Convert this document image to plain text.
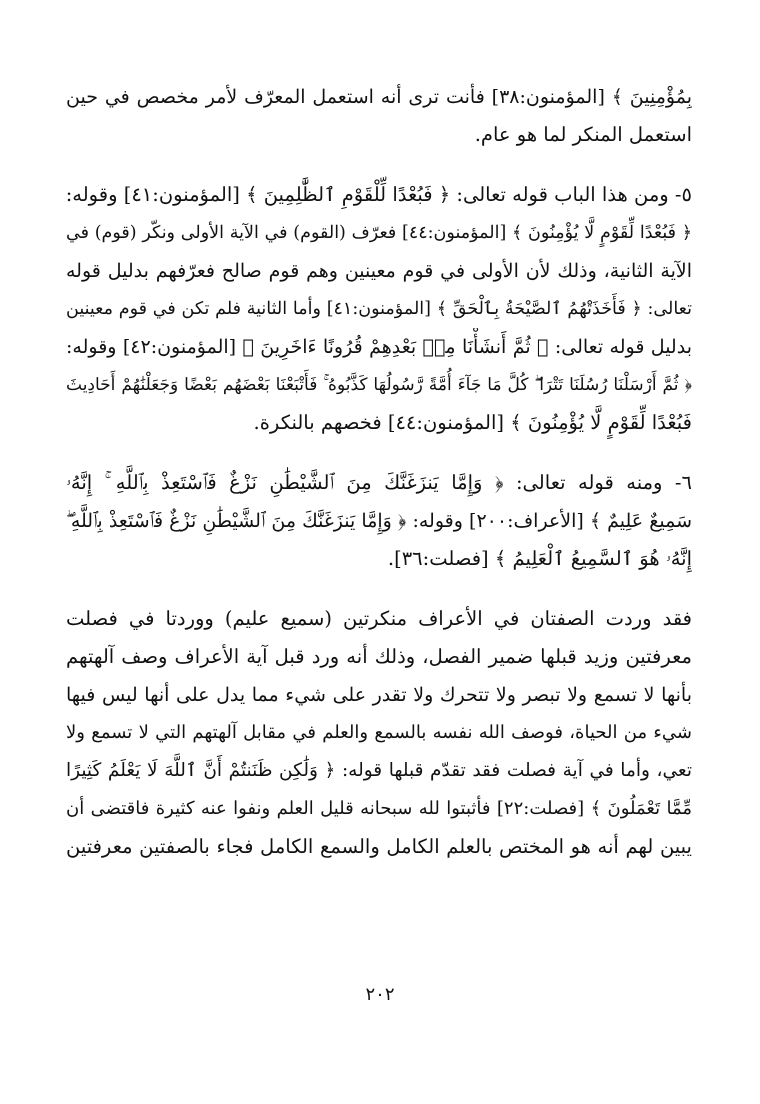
بِمُؤْمِنِينَ ﴾ [المؤمنون:٣٨] فأنت ترى أنه استعمل المعرّف لأمر مخصص في حين
استعمل المنكر لما هو عام.
٥- ومن هذا الباب قوله تعالى: ﴿ فَبُعْدًا لِّلْقَوْمِ ٱلظَّٰلِمِينَ ﴾ [المؤمنون:٤١] وقوله:
﴿ فَبُعْدًا لِّقَوْمٍ لَّا يُؤْمِنُونَ ﴾ [المؤمنون:٤٤] فعرّف (القوم) في الآية الأولى ونكّر (قوم) في
الآية الثانية، وذلك لأن الأولى في قوم معينين وهم قوم صالح فعرّفهم بدليل قوله
تعالى: ﴿ فَأَخَذَتْهُمُ ٱلصَّيْحَةُ بِٱلْحَقِّ ﴾ [المؤمنون:٤١] وأما الثانية فلم تكن في قوم معينين
بدليل قوله تعالى: ﴿ ثُمَّ أَنشَأْنَا مِنۢ بَعْدِهِمْ قُرُونًا ءَاخَرِينَ ﴾ [المؤمنون:٤٢] وقوله:
﴿ ثُمَّ أَرْسَلْنَا رُسُلَنَا تَتْرَا ۖ كُلَّ مَا جَآءَ أُمَّةً رَّسُولُهَا كَذَّبُوهُ ۚ فَأَتْبَعْنَا بَعْضَهُم بَعْضًا وَجَعَلْنَٰهُمْ أَحَادِيثَ
فَبُعْدًا لِّقَوْمٍ لَّا يُؤْمِنُونَ ﴾ [المؤمنون:٤٤] فخصهم بالنكرة.
٦- ومنه قوله تعالى: ﴿ وَإِمَّا يَنزَغَنَّكَ مِنَ ٱلشَّيْطَٰنِ نَزْغٌ فَٱسْتَعِذْ بِٱللَّهِ ۚ إِنَّهُۥ
سَمِيعٌ عَلِيمٌ ﴾ [الأعراف:٢٠٠] وقوله: ﴿ وَإِمَّا يَنزَغَنَّكَ مِنَ ٱلشَّيْطَٰنِ نَزْغٌ فَٱسْتَعِذْ بِٱللَّهِ ۖ
إِنَّهُۥ هُوَ ٱلسَّمِيعُ ٱلْعَلِيمُ ﴾ [فصلت:٣٦].
فقد وردت الصفتان في الأعراف منكرتين (سميع عليم) ووردتا في فصلت
معرفتين وزيد قبلها ضمير الفصل، وذلك أنه ورد قبل آية الأعراف وصف آلهتهم
بأنها لا تسمع ولا تبصر ولا تتحرك ولا تقدر على شيء مما يدل على أنها ليس فيها
شيء من الحياة، فوصف الله نفسه بالسمع والعلم في مقابل آلهتهم التي لا تسمع ولا
تعي، وأما في آية فصلت فقد تقدّم قبلها قوله: ﴿ وَلَٰكِن ظَنَنتُمْ أَنَّ ٱللَّهَ لَا يَعْلَمُ كَثِيرًا
مِّمَّا تَعْمَلُونَ ﴾ [فصلت:٢٢] فأثبتوا لله سبحانه قليل العلم ونفوا عنه كثيرة فاقتضى أن
يبين لهم أنه هو المختص بالعلم الكامل والسمع الكامل فجاء بالصفتين معرفتين
٢٠٢
